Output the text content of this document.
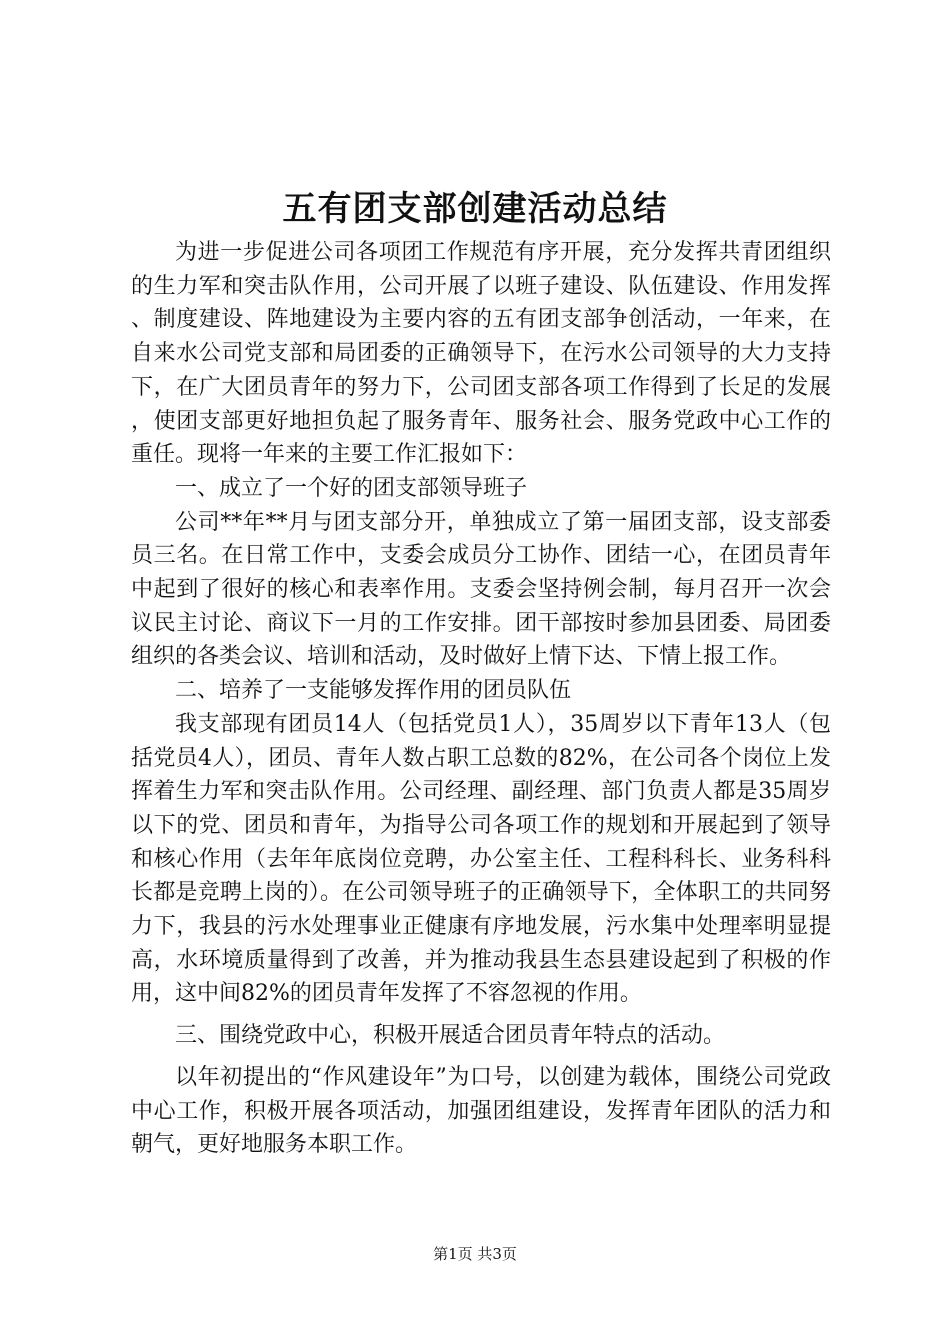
五有团支部创建活动总结

为进一步促进公司各项团工作规范有序开展，充分发挥共青团组织的生力军和突击队作用，公司开展了以班子建设、队伍建设、作用发挥、制度建设、阵地建设为主要内容的五有团支部争创活动，一年来，在自来水公司党支部和局团委的正确领导下，在污水公司领导的大力支持下，在广大团员青年的努力下，公司团支部各项工作得到了长足的发展，使团支部更好地担负起了服务青年、服务社会、服务党政中心工作的重任。现将一年来的主要工作汇报如下：

一、成立了一个好的团支部领导班子

公司**年**月与团支部分开，单独成立了第一届团支部，设支部委员三名。在日常工作中，支委会成员分工协作、团结一心，在团员青年中起到了很好的核心和表率作用。支委会坚持例会制，每月召开一次会议民主讨论、商议下一月的工作安排。团干部按时参加县团委、局团委组织的各类会议、培训和活动，及时做好上情下达、下情上报工作。

二、培养了一支能够发挥作用的团员队伍

我支部现有团员14人（包括党员1人），35周岁以下青年13人（包括党员4人），团员、青年人数占职工总数的82%，在公司各个岗位上发挥着生力军和突击队作用。公司经理、副经理、部门负责人都是35周岁以下的党、团员和青年，为指导公司各项工作的规划和开展起到了领导和核心作用（去年年底岗位竞聘，办公室主任、工程科科长、业务科科长都是竞聘上岗的）。在公司领导班子的正确领导下，全体职工的共同努力下，我县的污水处理事业正健康有序地发展，污水集中处理率明显提高，水环境质量得到了改善，并为推动我县生态县建设起到了积极的作用，这中间82%的团员青年发挥了不容忽视的作用。

三、围绕党政中心，积极开展适合团员青年特点的活动。

以年初提出的“作风建设年”为口号，以创建为载体，围绕公司党政中心工作，积极开展各项活动，加强团组建设，发挥青年团队的活力和朝气，更好地服务本职工作。

第1页 共3页
